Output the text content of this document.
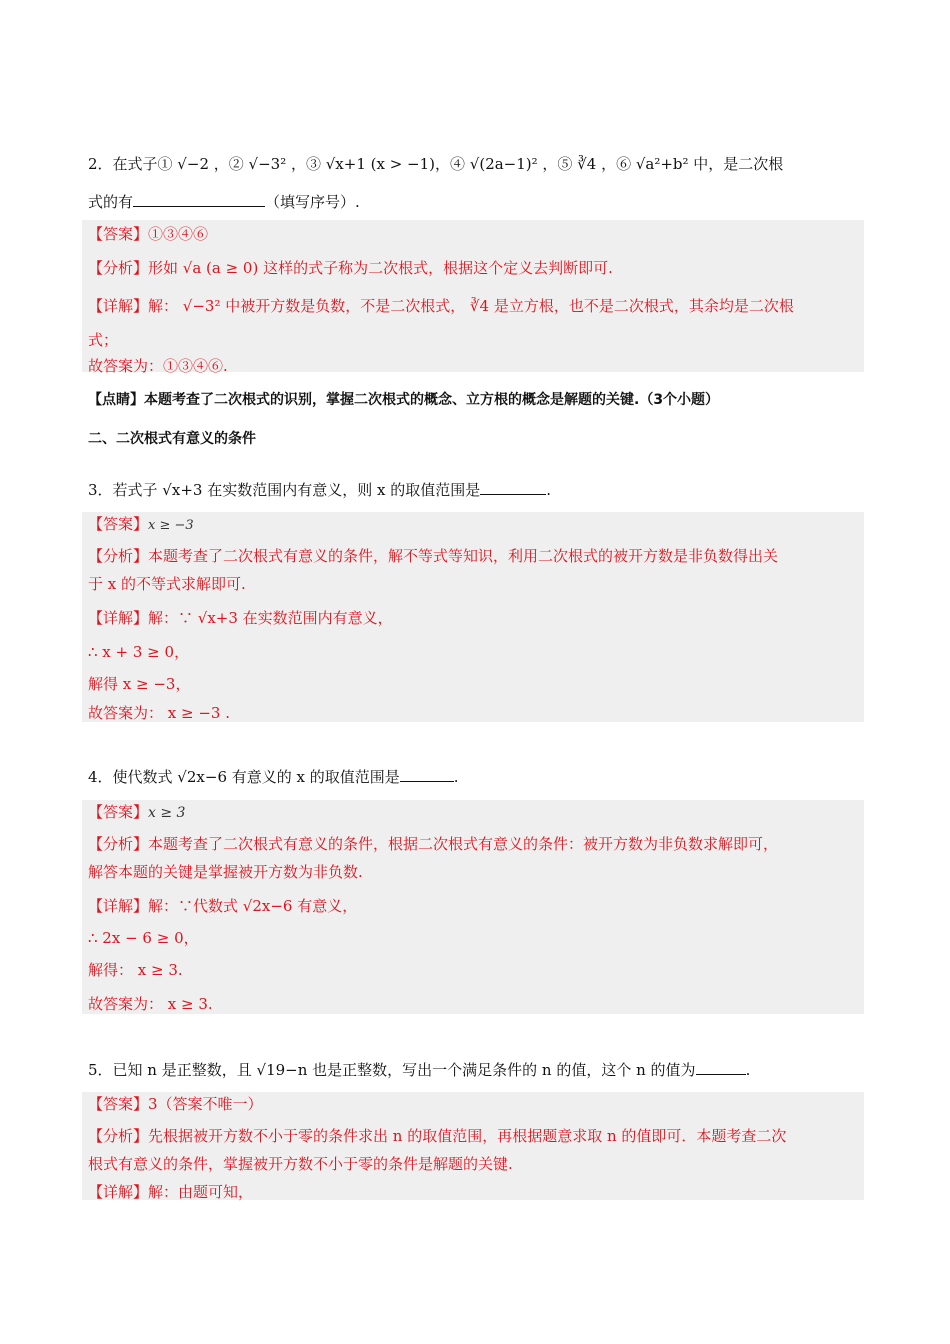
2．在式子① √−2 ，② √−3² ，③ √x+1 (x > −1)，④ √(2a−1)² ，⑤ ∛4 ，⑥ √a²+b² 中，是二次根
式的有	（填写序号）.
【答案】①③④⑥
【分析】形如 √a (a ≥ 0) 这样的式子称为二次根式，根据这个定义去判断即可.
【详解】解： √−3² 中被开方数是负数，不是二次根式， ∛4 是立方根，也不是二次根式，其余均是二次根
式；
故答案为：①③④⑥.
【点睛】本题考查了二次根式的识别，掌握二次根式的概念、立方根的概念是解题的关键.（3个小题）
二、二次根式有意义的条件
3．若式子 √x+3 在实数范围内有意义，则 x 的取值范围是	.
【答案】x ≥ −3
【分析】本题考查了二次根式有意义的条件，解不等式等知识，利用二次根式的被开方数是非负数得出关
于 x 的不等式求解即可.
【详解】解：∵ √x+3 在实数范围内有意义，
∴ x + 3 ≥ 0，
解得 x ≥ −3，
故答案为： x ≥ −3 .
4．使代数式 √2x−6 有意义的 x 的取值范围是	.
【答案】x ≥ 3
【分析】本题考查了二次根式有意义的条件，根据二次根式有意义的条件：被开方数为非负数求解即可，
解答本题的关键是掌握被开方数为非负数.
【详解】解：∵代数式 √2x−6 有意义，
∴ 2x − 6 ≥ 0，
解得： x ≥ 3.
故答案为： x ≥ 3.
5．已知 n 是正整数，且 √19−n 也是正整数，写出一个满足条件的 n 的值，这个 n 的值为	.
【答案】3（答案不唯一）
【分析】先根据被开方数不小于零的条件求出 n 的取值范围，再根据题意求取 n 的值即可．本题考查二次
根式有意义的条件，掌握被开方数不小于零的条件是解题的关键.
【详解】解：由题可知，
